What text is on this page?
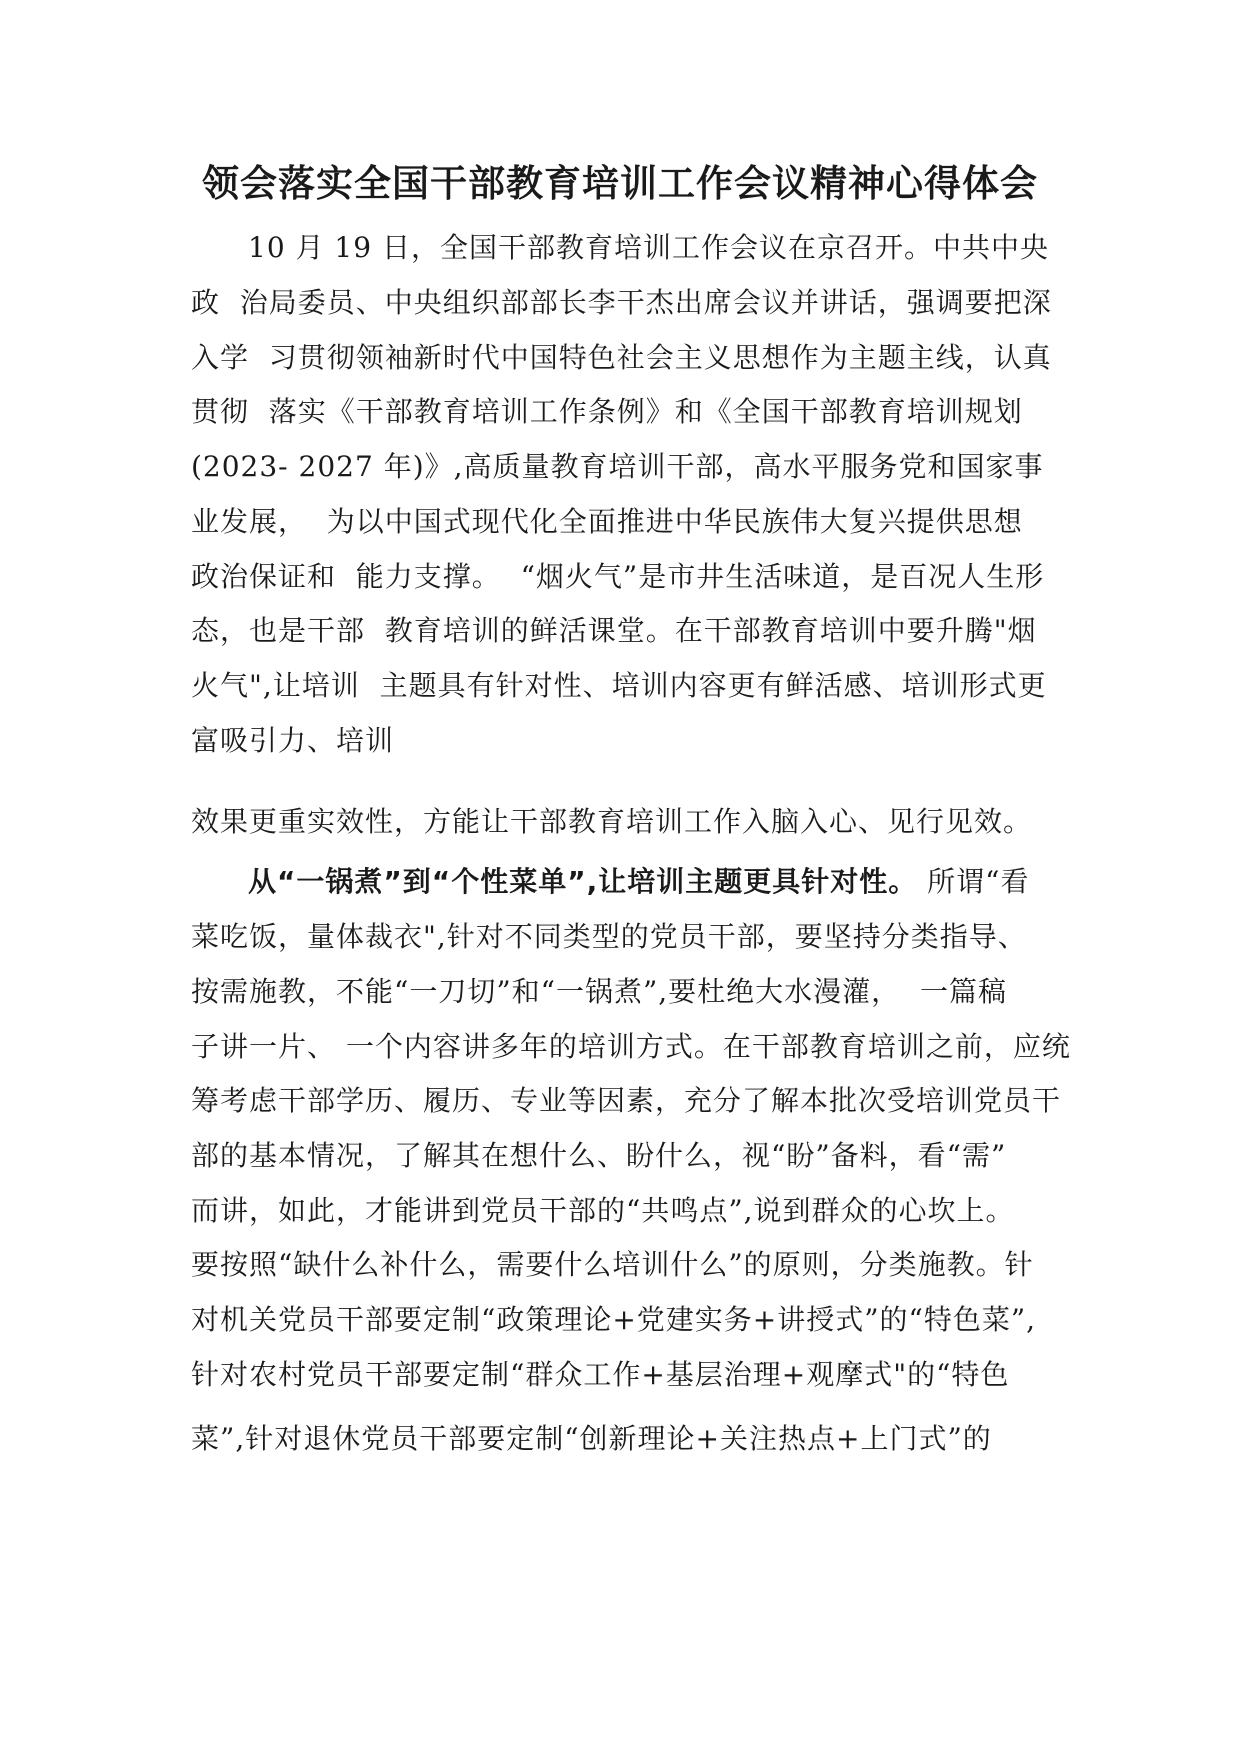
领会落实全国干部教育培训工作会议精神心得体会
10 月 19 日，全国干部教育培训工作会议在京召开。中共中央
政  治局委员、中央组织部部长李干杰出席会议并讲话，强调要把深
入学  习贯彻领袖新时代中国特色社会主义思想作为主题主线，认真
贯彻  落实《干部教育培训工作条例》和《全国干部教育培训规划
(2023- 2027 年)》,高质量教育培训干部，高水平服务党和国家事
业发展，  为以中国式现代化全面推进中华民族伟大复兴提供思想
政治保证和  能力支撑。  “烟火气”是市井生活味道，是百况人生形
态，也是干部  教育培训的鲜活课堂。在干部教育培训中要升腾"烟
火气",让培训  主题具有针对性、培训内容更有鲜活感、培训形式更
富吸引力、培训
效果更重实效性，方能让干部教育培训工作入脑入心、见行见效。
从“一锅煮”到“个性菜单”,让培训主题更具针对性。 所谓“看
菜吃饭，量体裁衣",针对不同类型的党员干部，要坚持分类指导、
按需施教，不能“一刀切”和“一锅煮”,要杜绝大水漫灌，  一篇稿
子讲一片、 一个内容讲多年的培训方式。在干部教育培训之前，应统
筹考虑干部学历、履历、专业等因素，充分了解本批次受培训党员干
部的基本情况，了解其在想什么、盼什么，视“盼”备料，看“需”
而讲，如此，才能讲到党员干部的“共鸣点”,说到群众的心坎上。
要按照“缺什么补什么，需要什么培训什么”的原则，分类施教。针
对机关党员干部要定制“政策理论+党建实务+讲授式”的“特色菜”,
针对农村党员干部要定制“群众工作+基层治理+观摩式"的“特色
菜”,针对退休党员干部要定制“创新理论+关注热点+上门式”的
